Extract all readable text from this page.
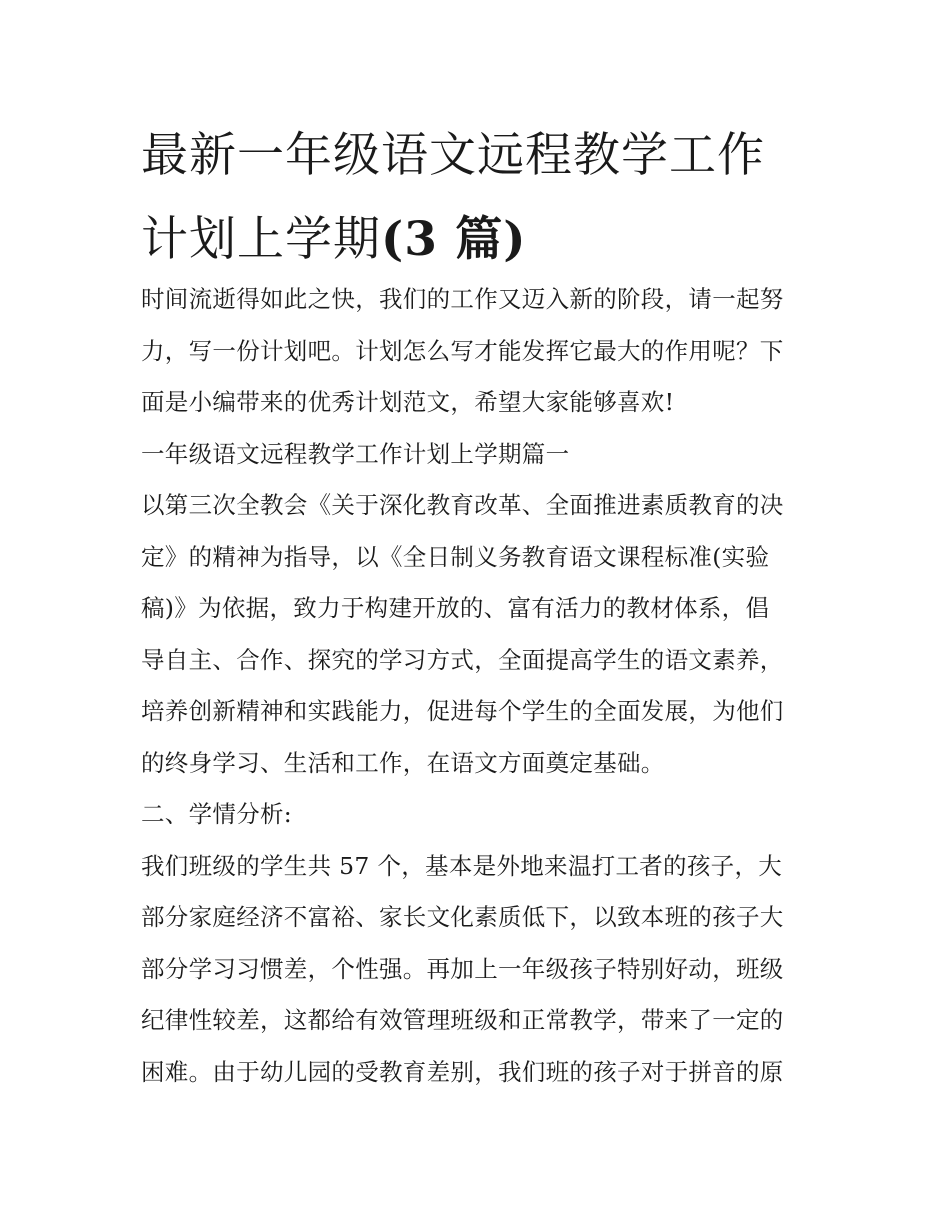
最新一年级语文远程教学工作
计划上学期(3 篇)
时间流逝得如此之快，我们的工作又迈入新的阶段，请一起努
力，写一份计划吧。计划怎么写才能发挥它最大的作用呢？下
面是小编带来的优秀计划范文，希望大家能够喜欢!
一年级语文远程教学工作计划上学期篇一
以第三次全教会《关于深化教育改革、全面推进素质教育的决
定》的精神为指导，以《全日制义务教育语文课程标准(实验
稿)》为依据，致力于构建开放的、富有活力的教材体系，倡
导自主、合作、探究的学习方式，全面提高学生的语文素养，
培养创新精神和实践能力，促进每个学生的全面发展，为他们
的终身学习、生活和工作，在语文方面奠定基础。
二、学情分析:
我们班级的学生共 57 个，基本是外地来温打工者的孩子，大
部分家庭经济不富裕、家长文化素质低下，以致本班的孩子大
部分学习习惯差，个性强。再加上一年级孩子特别好动，班级
纪律性较差，这都给有效管理班级和正常教学，带来了一定的
困难。由于幼儿园的受教育差别，我们班的孩子对于拼音的原
